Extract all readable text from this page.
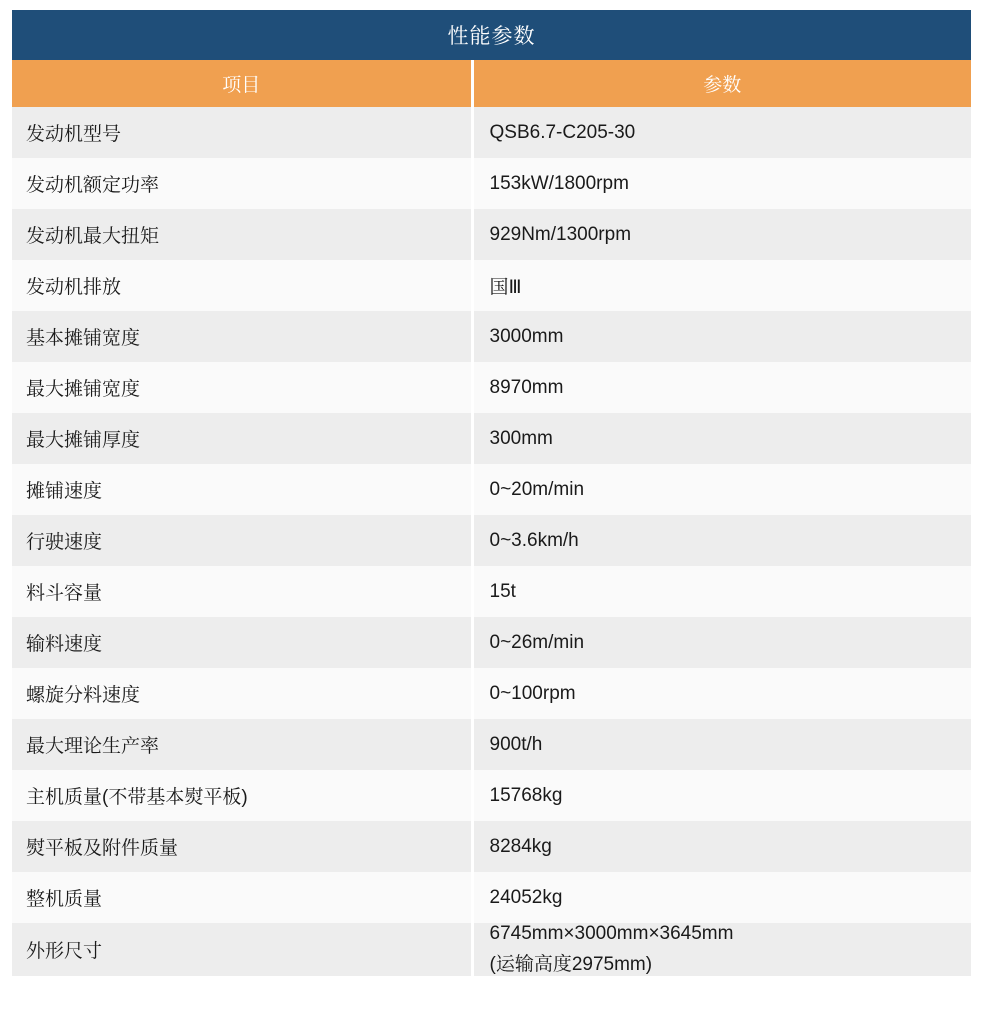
性能参数	
项目	参数
发动机型号	QSB6.7-C205-30
发动机额定功率	153kW/1800rpm
发动机最大扭矩	929Nm/1300rpm
发动机排放	国Ⅲ
基本摊铺宽度	3000mm
最大摊铺宽度	8970mm
最大摊铺厚度	300mm
摊铺速度	0~20m/min
行驶速度	0~3.6km/h
料斗容量	15t
输料速度	0~26m/min
螺旋分料速度	0~100rpm
最大理论生产率	900t/h
主机质量(不带基本熨平板)	15768kg
熨平板及附件质量	8284kg
整机质量	24052kg
外形尺寸	6745mm×3000mm×3645mm
(运输高度2975mm)
